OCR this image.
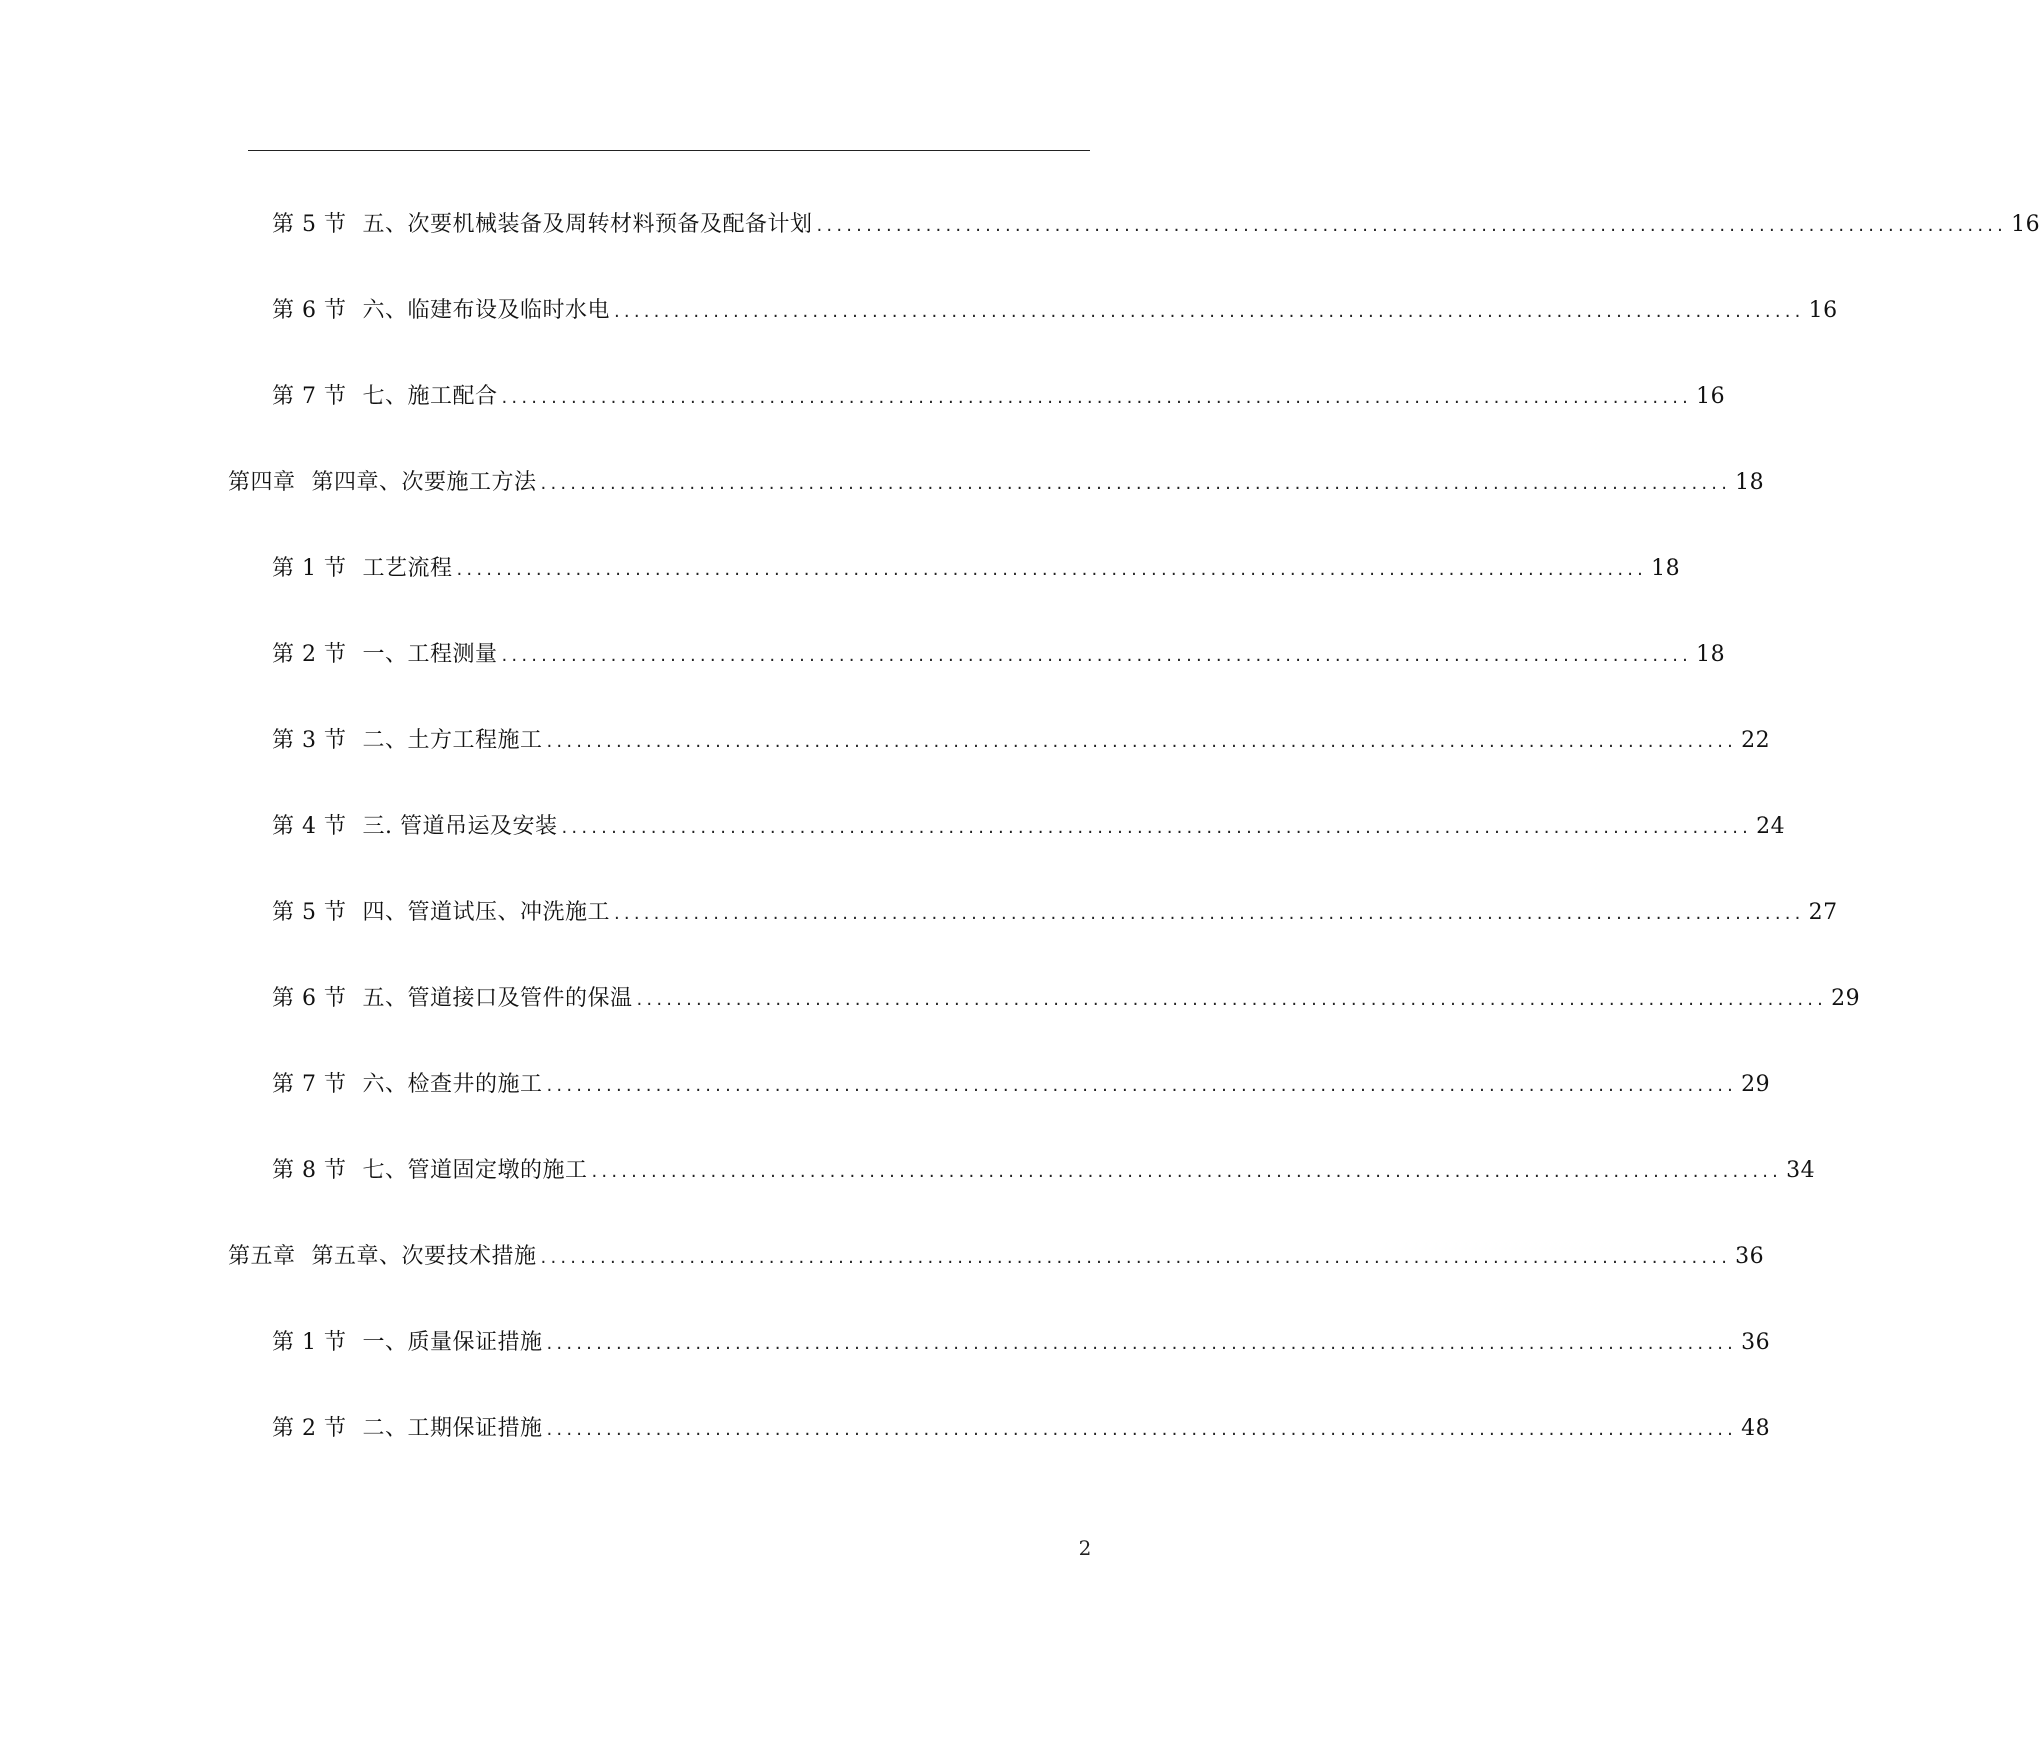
第 5 节 五、次要机械装备及周转材料预备及配备计划 ........................................................................................................................ 16
第 6 节 六、临建布设及临时水电 ........................................................................................................................ 16
第 7 节 七、施工配合 ........................................................................................................................ 16
第四章 第四章、次要施工方法 ........................................................................................................................ 18
第 1 节 工艺流程 ........................................................................................................................ 18
第 2 节 一、工程测量 ........................................................................................................................ 18
第 3 节 二、土方工程施工 ........................................................................................................................ 22
第 4 节 三. 管道吊运及安装 ........................................................................................................................ 24
第 5 节 四、管道试压、冲洗施工 ........................................................................................................................ 27
第 6 节 五、管道接口及管件的保温 ........................................................................................................................ 29
第 7 节 六、检查井的施工 ........................................................................................................................ 29
第 8 节 七、管道固定墩的施工 ........................................................................................................................ 34
第五章 第五章、次要技术措施 ........................................................................................................................ 36
第 1 节 一、质量保证措施 ........................................................................................................................ 36
第 2 节 二、工期保证措施 ........................................................................................................................ 48
2
